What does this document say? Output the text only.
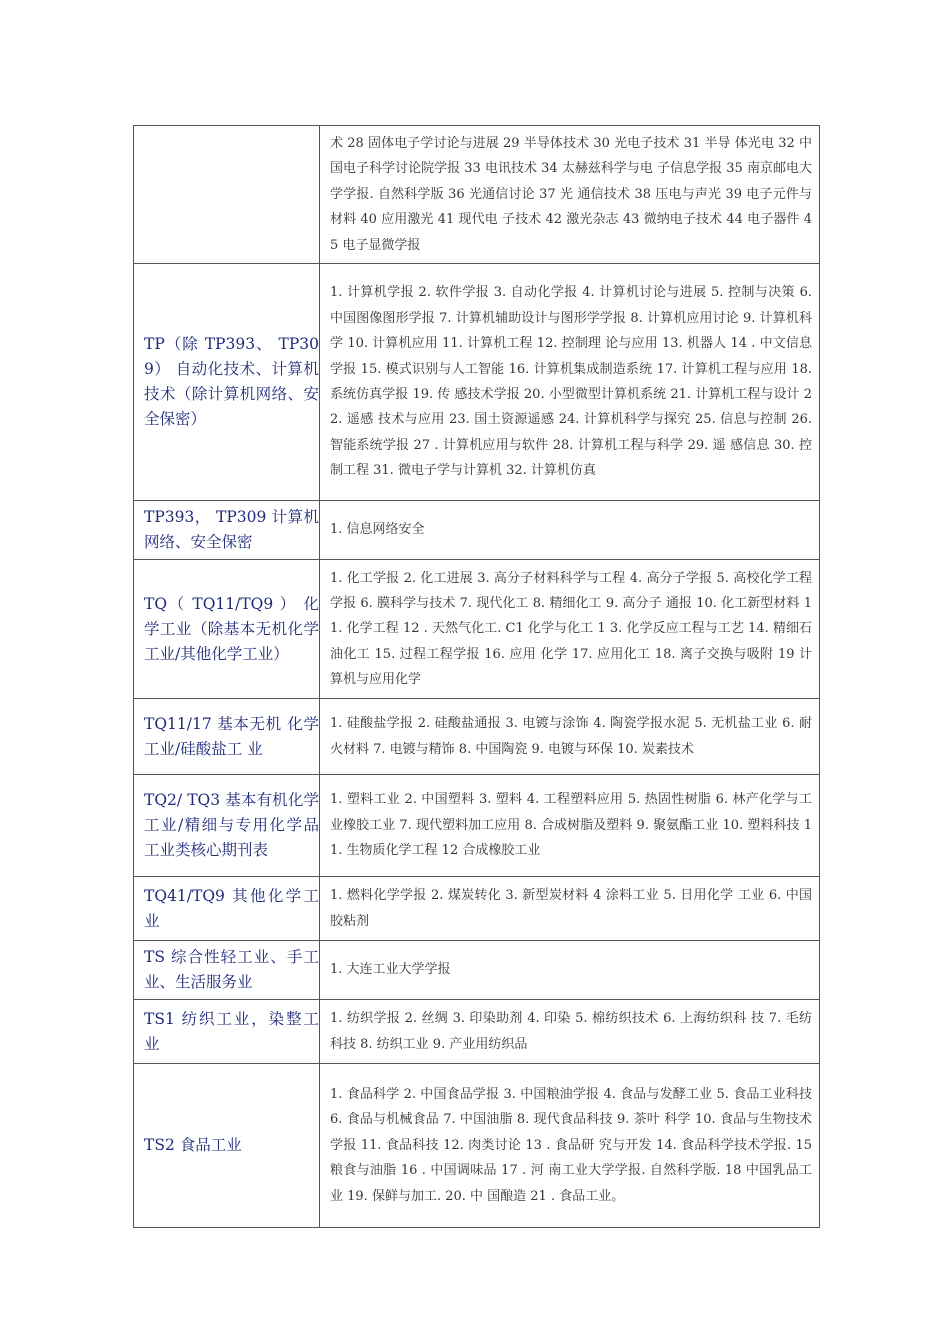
	术 28 固体电子学讨论与进展 29 半导体技术 30 光电子技术 31 半导 体光电 32 中国电子科学讨论院学报 33 电讯技术 34 太赫兹科学与电 子信息学报 35 南京邮电大学学报. 自然科学版 36 光通信讨论 37 光 通信技术 38 压电与声光 39 电子元件与材料 40 应用激光 41 现代电 子技术 42 激光杂志 43 微纳电子技术 44 电子器件 45 电子显微学报
TP（除 TP393、 TP309） 自动化技术、计算机技术（除计算机网络、安全保密）	1. 计算机学报 2. 软件学报 3. 自动化学报 4. 计算机讨论与进展 5. 控制与决策 6. 中国图像图形学报 7. 计算机辅助设计与图形学学报 8. 计算机应用讨论 9. 计算机科学 10. 计算机应用 11. 计算机工程 12. 控制理 论与应用 13. 机器人 14 . 中文信息学报 15. 模式识别与人工智能 16. 计算机集成制造系统 17. 计算机工程与应用 18. 系统仿真学报 19. 传 感技术学报 20. 小型微型计算机系统 21. 计算机工程与设计 22. 遥感 技术与应用 23. 国土资源遥感 24. 计算机科学与探究 25. 信息与控制 26. 智能系统学报 27 . 计算机应用与软件 28. 计算机工程与科学 29. 遥 感信息 30. 控制工程 31. 微电子学与计算机 32. 计算机仿真
TP393， TP309 计算机网络、安全保密	1. 信息网络安全
TQ（ TQ11/TQ9 ） 化学工业（除基本无机化学工业/其他化学工业）	1. 化工学报 2. 化工进展 3. 高分子材料科学与工程 4. 高分子学报 5. 高校化学工程学报 6. 膜科学与技术 7. 现代化工 8. 精细化工 9. 高分子 通报 10. 化工新型材料 11. 化学工程 12 . 天然气化工. C1 化学与化工 1 3. 化学反应工程与工艺 14. 精细石油化工 15. 过程工程学报 16. 应用 化学 17. 应用化工 18. 离子交换与吸附 19 计算机与应用化学
TQ11/17 基本无机 化学工业/硅酸盐工 业	1. 硅酸盐学报 2. 硅酸盐通报 3. 电镀与涂饰 4. 陶瓷学报水泥 5. 无机盐工业 6. 耐火材料 7. 电镀与精饰 8. 中国陶瓷 9. 电镀与环保 10. 炭素技术
TQ2/ TQ3 基本有机化学工业/精细与专用化学品工业类核心期刊表	1. 塑料工业 2. 中国塑料 3. 塑料 4. 工程塑料应用 5. 热固性树脂 6. 林产化学与工业橡胶工业 7. 现代塑料加工应用 8. 合成树脂及塑料 9. 聚氨酯工业 10. 塑料科技 11. 生物质化学工程 12 合成橡胶工业
TQ41/TQ9 其他化学工业	1. 燃料化学学报 2. 煤炭转化 3. 新型炭材料 4 涂料工业 5. 日用化学 工业 6. 中国胶粘剂
TS 综合性轻工业、手工业、生活服务业	1. 大连工业大学学报
TS1 纺织工业，染整工业	1. 纺织学报 2. 丝绸 3. 印染助剂 4. 印染 5. 棉纺织技术 6. 上海纺织科 技 7. 毛纺科技 8. 纺织工业 9. 产业用纺织品
TS2 食品工业	1. 食品科学 2. 中国食品学报 3. 中国粮油学报 4. 食品与发酵工业 5. 食品工业科技 6. 食品与机械食品 7. 中国油脂 8. 现代食品科技 9. 茶叶 科学 10. 食品与生物技术学报 11. 食品科技 12. 肉类讨论 13 . 食品研 究与开发 14. 食品科学技术学报. 15 粮食与油脂 16 . 中国调味品 17 . 河 南工业大学学报. 自然科学版. 18 中国乳品工业 19. 保鲜与加工. 20. 中 国酿造 21 . 食品工业。
